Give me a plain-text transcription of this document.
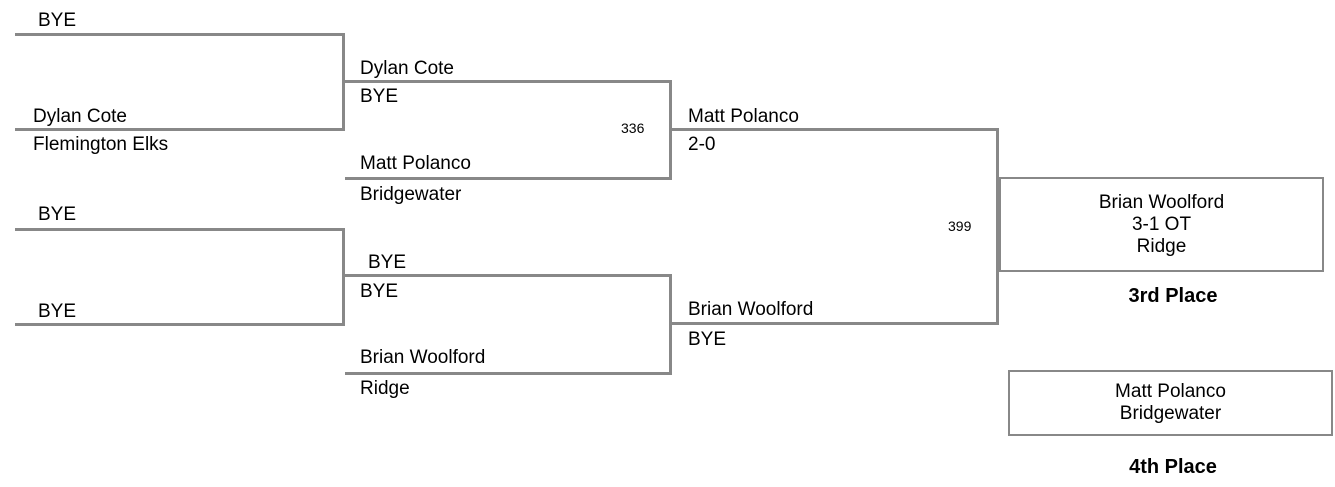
BYE
Dylan Cote
Flemington Elks
BYE
BYE
Dylan Cote
BYE
336
Matt Polanco
Bridgewater
BYE
BYE
Brian Woolford
Ridge
Matt Polanco
2-0
399
Brian Woolford
BYE
Brian Woolford
3-1 OT
Ridge
3rd Place
Matt Polanco
Bridgewater
4th Place
